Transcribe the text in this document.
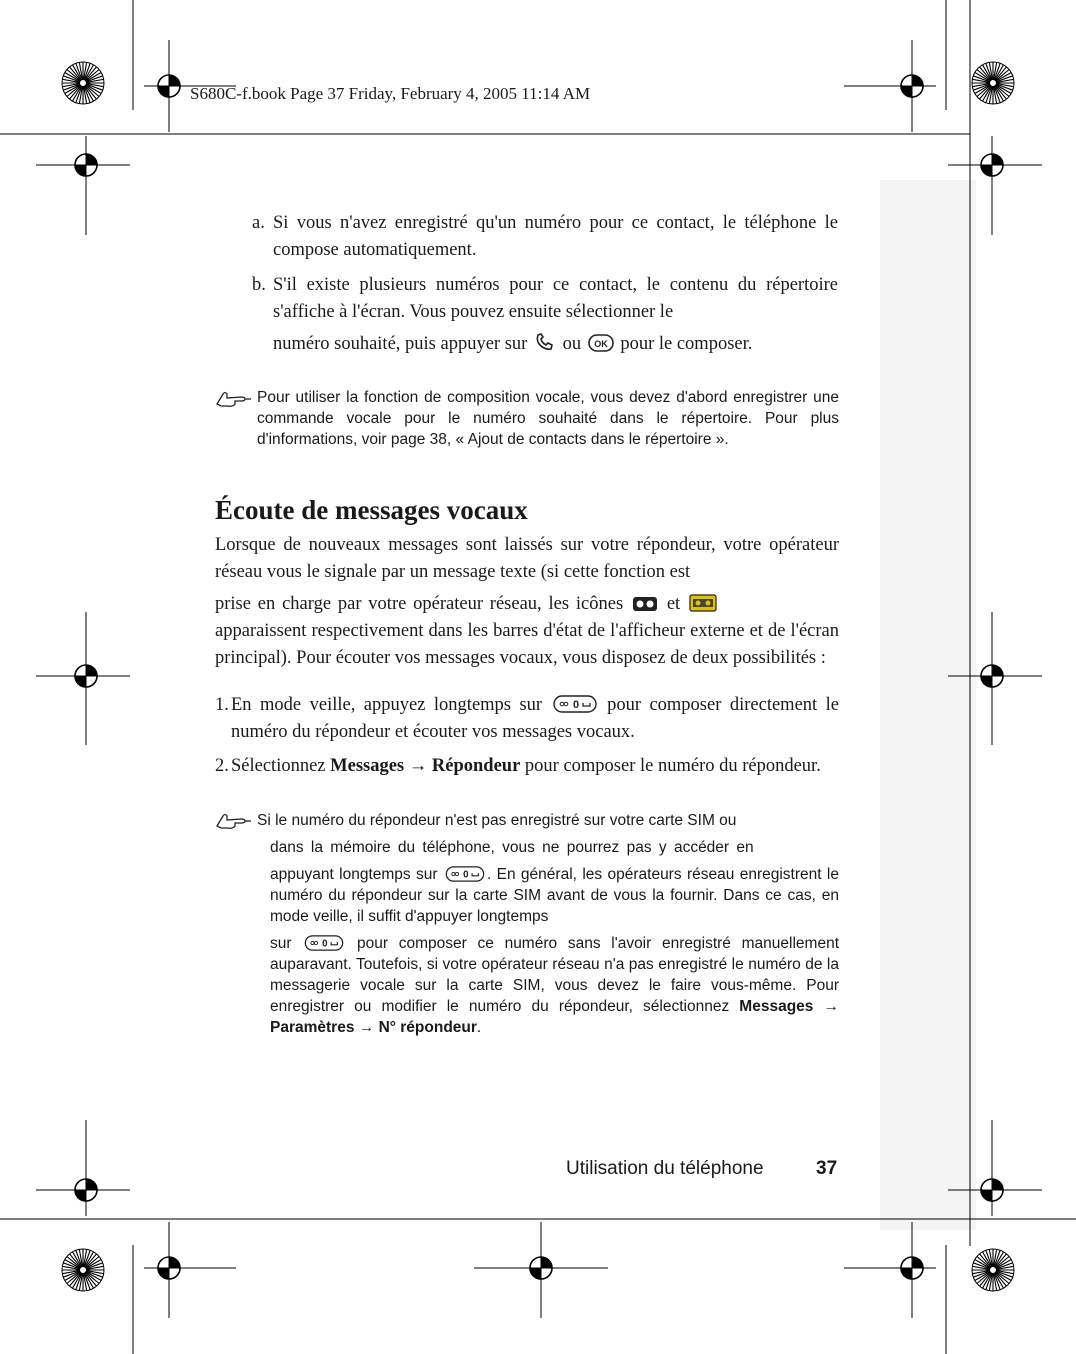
S680C-f.book Page 37 Friday, February 4, 2005 11:14 AM
a. Si vous n'avez enregistré qu'un numéro pour ce contact, le téléphone le compose automatiquement.

b. S'il existe plusieurs numéros pour ce contact, le contenu du répertoire s'affiche à l'écran. Vous pouvez ensuite sélectionner le

numéro souhaité, puis appuyer sur ou OK pour le composer.

Pour utiliser la fonction de composition vocale, vous devez d'abord enregistrer une commande vocale pour le numéro souhaité dans le répertoire. Pour plus d'informations, voir page 38, « Ajout de contacts dans le répertoire ».

Écoute de messages vocaux

Lorsque de nouveaux messages sont laissés sur votre répondeur, votre opérateur réseau vous le signale par un message texte (si cette fonction est

prise en charge par votre opérateur réseau, les icônes et

apparaissent respectivement dans les barres d'état de l'afficheur externe et de l'écran principal). Pour écouter vos messages vocaux, vous disposez de deux possibilités :

1. En mode veille, appuyez longtemps sur	0 pour composer directement le numéro du répondeur et écouter vos messages vocaux.

2. Sélectionnez Messages → Répondeur pour composer le numéro du répondeur.

Si le numéro du répondeur n'est pas enregistré sur votre carte SIM ou

dans la mémoire du téléphone, vous ne pourrez pas y accéder en

appuyant longtemps sur 0 . En général, les opérateurs réseau enregistrent le numéro du répondeur sur la carte SIM avant de vous la fournir. Dans ce cas, en mode veille, il suffit d'appuyer longtemps

sur	0 pour composer ce numéro sans l'avoir enregistré manuellement auparavant. Toutefois, si votre opérateur réseau n'a pas enregistré le numéro de la messagerie vocale sur la carte SIM, vous devez le faire vous-même. Pour enregistrer ou modifier le numéro du répondeur, sélectionnez Messages → Paramètres → N° répondeur.

Utilisation du téléphone	37
